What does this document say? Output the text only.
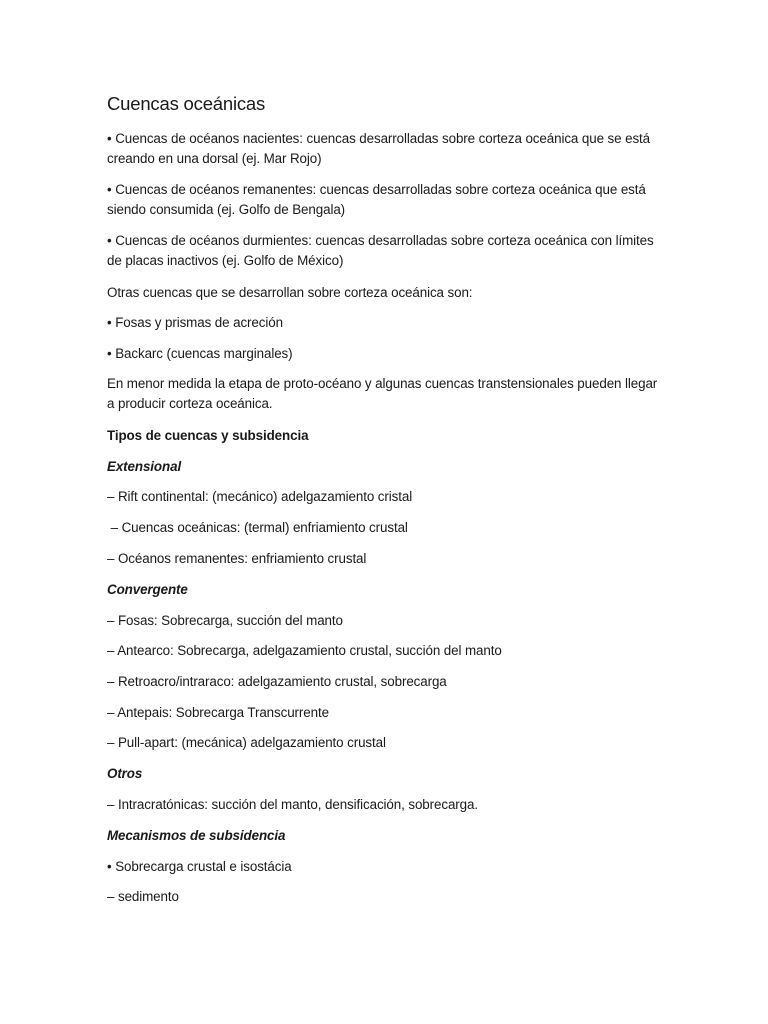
Cuencas oceánicas
• Cuencas de océanos nacientes: cuencas desarrolladas sobre corteza oceánica que se está creando en una dorsal (ej. Mar Rojo)
• Cuencas de océanos remanentes: cuencas desarrolladas sobre corteza oceánica que está siendo consumida (ej. Golfo de Bengala)
• Cuencas de océanos durmientes: cuencas desarrolladas sobre corteza oceánica con límites de placas inactivos (ej. Golfo de México)
Otras cuencas que se desarrollan sobre corteza oceánica son:
• Fosas y prismas de acreción
• Backarc (cuencas marginales)
En menor medida la etapa de proto-océano y algunas cuencas transtensionales pueden llegar a producir corteza oceánica.
Tipos de cuencas y subsidencia
Extensional
– Rift continental: (mecánico) adelgazamiento cristal
– Cuencas oceánicas: (termal) enfriamiento crustal
– Océanos remanentes: enfriamiento crustal
Convergente
– Fosas: Sobrecarga, succión del manto
– Antearco: Sobrecarga, adelgazamiento crustal, succión del manto
– Retroacro/intraraco: adelgazamiento crustal, sobrecarga
– Antepais: Sobrecarga Transcurrente
– Pull-apart: (mecánica) adelgazamiento crustal
Otros
– Intracratónicas: succión del manto, densificación, sobrecarga.
Mecanismos de subsidencia
• Sobrecarga crustal e isostácia
– sedimento
